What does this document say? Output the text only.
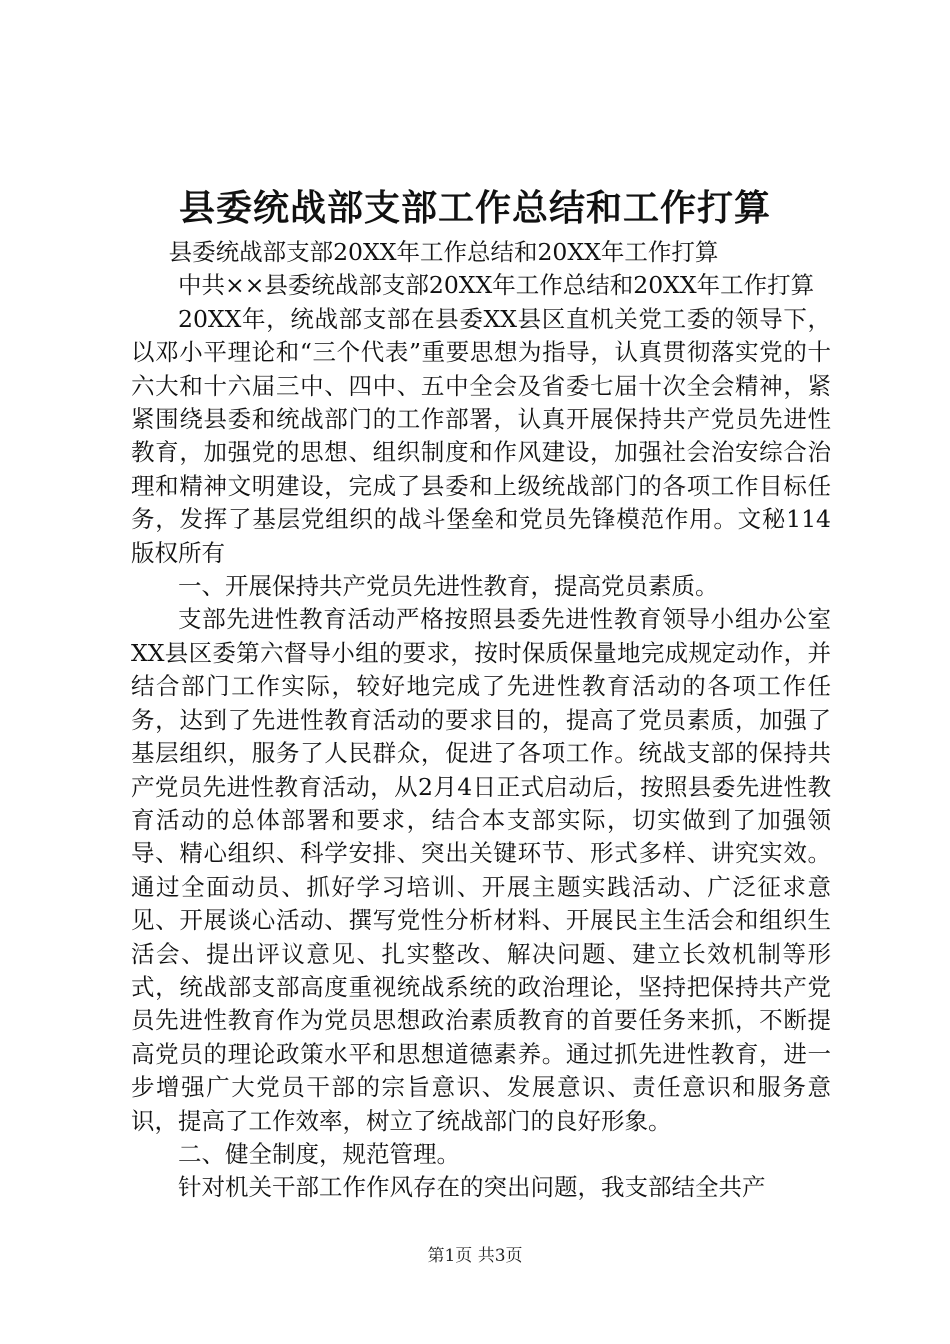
县委统战部支部工作总结和工作打算

县委统战部支部20XX年工作总结和20XX年工作打算

中共××县委统战部支部20XX年工作总结和20XX年工作打算

20XX年，统战部支部在县委XX县区直机关党工委的领导下，以邓小平理论和“三个代表”重要思想为指导，认真贯彻落实党的十六大和十六届三中、四中、五中全会及省委七届十次全会精神，紧紧围绕县委和统战部门的工作部署，认真开展保持共产党员先进性教育，加强党的思想、组织制度和作风建设，加强社会治安综合治理和精神文明建设，完成了县委和上级统战部门的各项工作目标任务，发挥了基层党组织的战斗堡垒和党员先锋模范作用。文秘114版权所有

一、开展保持共产党员先进性教育，提高党员素质。

支部先进性教育活动严格按照县委先进性教育领导小组办公室XX县区委第六督导小组的要求，按时保质保量地完成规定动作，并结合部门工作实际，较好地完成了先进性教育活动的各项工作任务，达到了先进性教育活动的要求目的，提高了党员素质，加强了基层组织，服务了人民群众，促进了各项工作。统战支部的保持共产党员先进性教育活动，从2月4日正式启动后，按照县委先进性教育活动的总体部署和要求，结合本支部实际，切实做到了加强领导、精心组织、科学安排、突出关键环节、形式多样、讲究实效。通过全面动员、抓好学习培训、开展主题实践活动、广泛征求意见、开展谈心活动、撰写党性分析材料、开展民主生活会和组织生活会、提出评议意见、扎实整改、解决问题、建立长效机制等形式，统战部支部高度重视统战系统的政治理论，坚持把保持共产党员先进性教育作为党员思想政治素质教育的首要任务来抓，不断提高党员的理论政策水平和思想道德素养。通过抓先进性教育，进一步增强广大党员干部的宗旨意识、发展意识、责任意识和服务意识，提高了工作效率，树立了统战部门的良好形象。

二、健全制度，规范管理。

针对机关干部工作作风存在的突出问题，我支部结全共产

第1页 共3页
